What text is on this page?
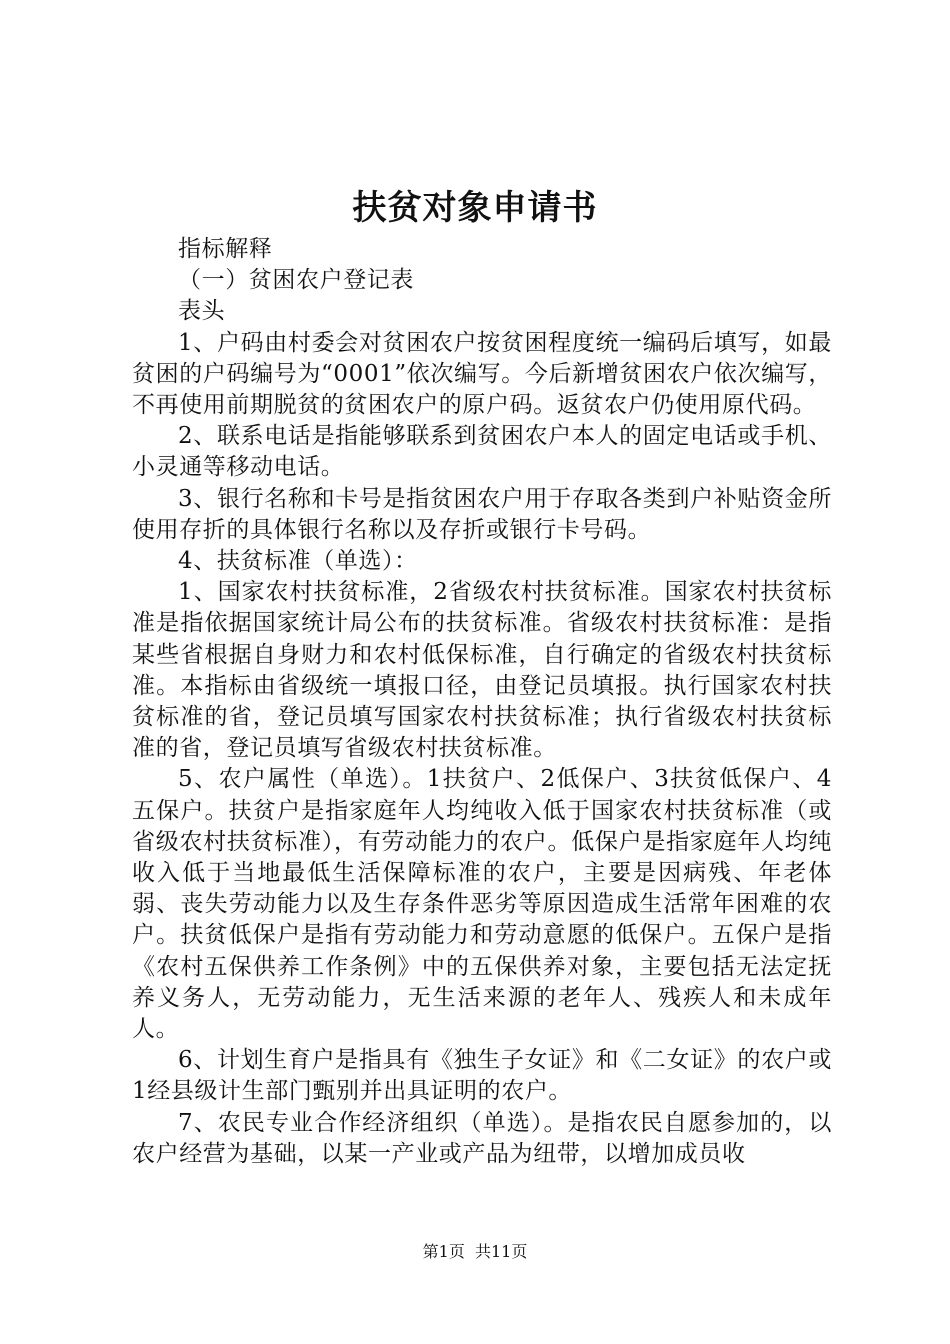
扶贫对象申请书

指标解释

（一）贫困农户登记表

表头

1、户码由村委会对贫困农户按贫困程度统一编码后填写，如最贫困的户码编号为“0001”依次编写。今后新增贫困农户依次编写，不再使用前期脱贫的贫困农户的原户码。返贫农户仍使用原代码。

2、联系电话是指能够联系到贫困农户本人的固定电话或手机、小灵通等移动电话。

3、银行名称和卡号是指贫困农户用于存取各类到户补贴资金所使用存折的具体银行名称以及存折或银行卡号码。

4、扶贫标准（单选）：

1、国家农村扶贫标准，2省级农村扶贫标准。国家农村扶贫标准是指依据国家统计局公布的扶贫标准。省级农村扶贫标准：是指某些省根据自身财力和农村低保标准，自行确定的省级农村扶贫标准。本指标由省级统一填报口径，由登记员填报。执行国家农村扶贫标准的省，登记员填写国家农村扶贫标准；执行省级农村扶贫标准的省，登记员填写省级农村扶贫标准。

5、农户属性（单选）。1扶贫户、2低保户、3扶贫低保户、4五保户。扶贫户是指家庭年人均纯收入低于国家农村扶贫标准（或省级农村扶贫标准），有劳动能力的农户。低保户是指家庭年人均纯收入低于当地最低生活保障标准的农户，主要是因病残、年老体弱、丧失劳动能力以及生存条件恶劣等原因造成生活常年困难的农户。扶贫低保户是指有劳动能力和劳动意愿的低保户。五保户是指《农村五保供养工作条例》中的五保供养对象，主要包括无法定抚养义务人，无劳动能力，无生活来源的老年人、残疾人和未成年人。

6、计划生育户是指具有《独生子女证》和《二女证》的农户或1经县级计生部门甄别并出具证明的农户。

7、农民专业合作经济组织（单选）。是指农民自愿参加的，以农户经营为基础，以某一产业或产品为纽带，以增加成员收

第1页  共11页
